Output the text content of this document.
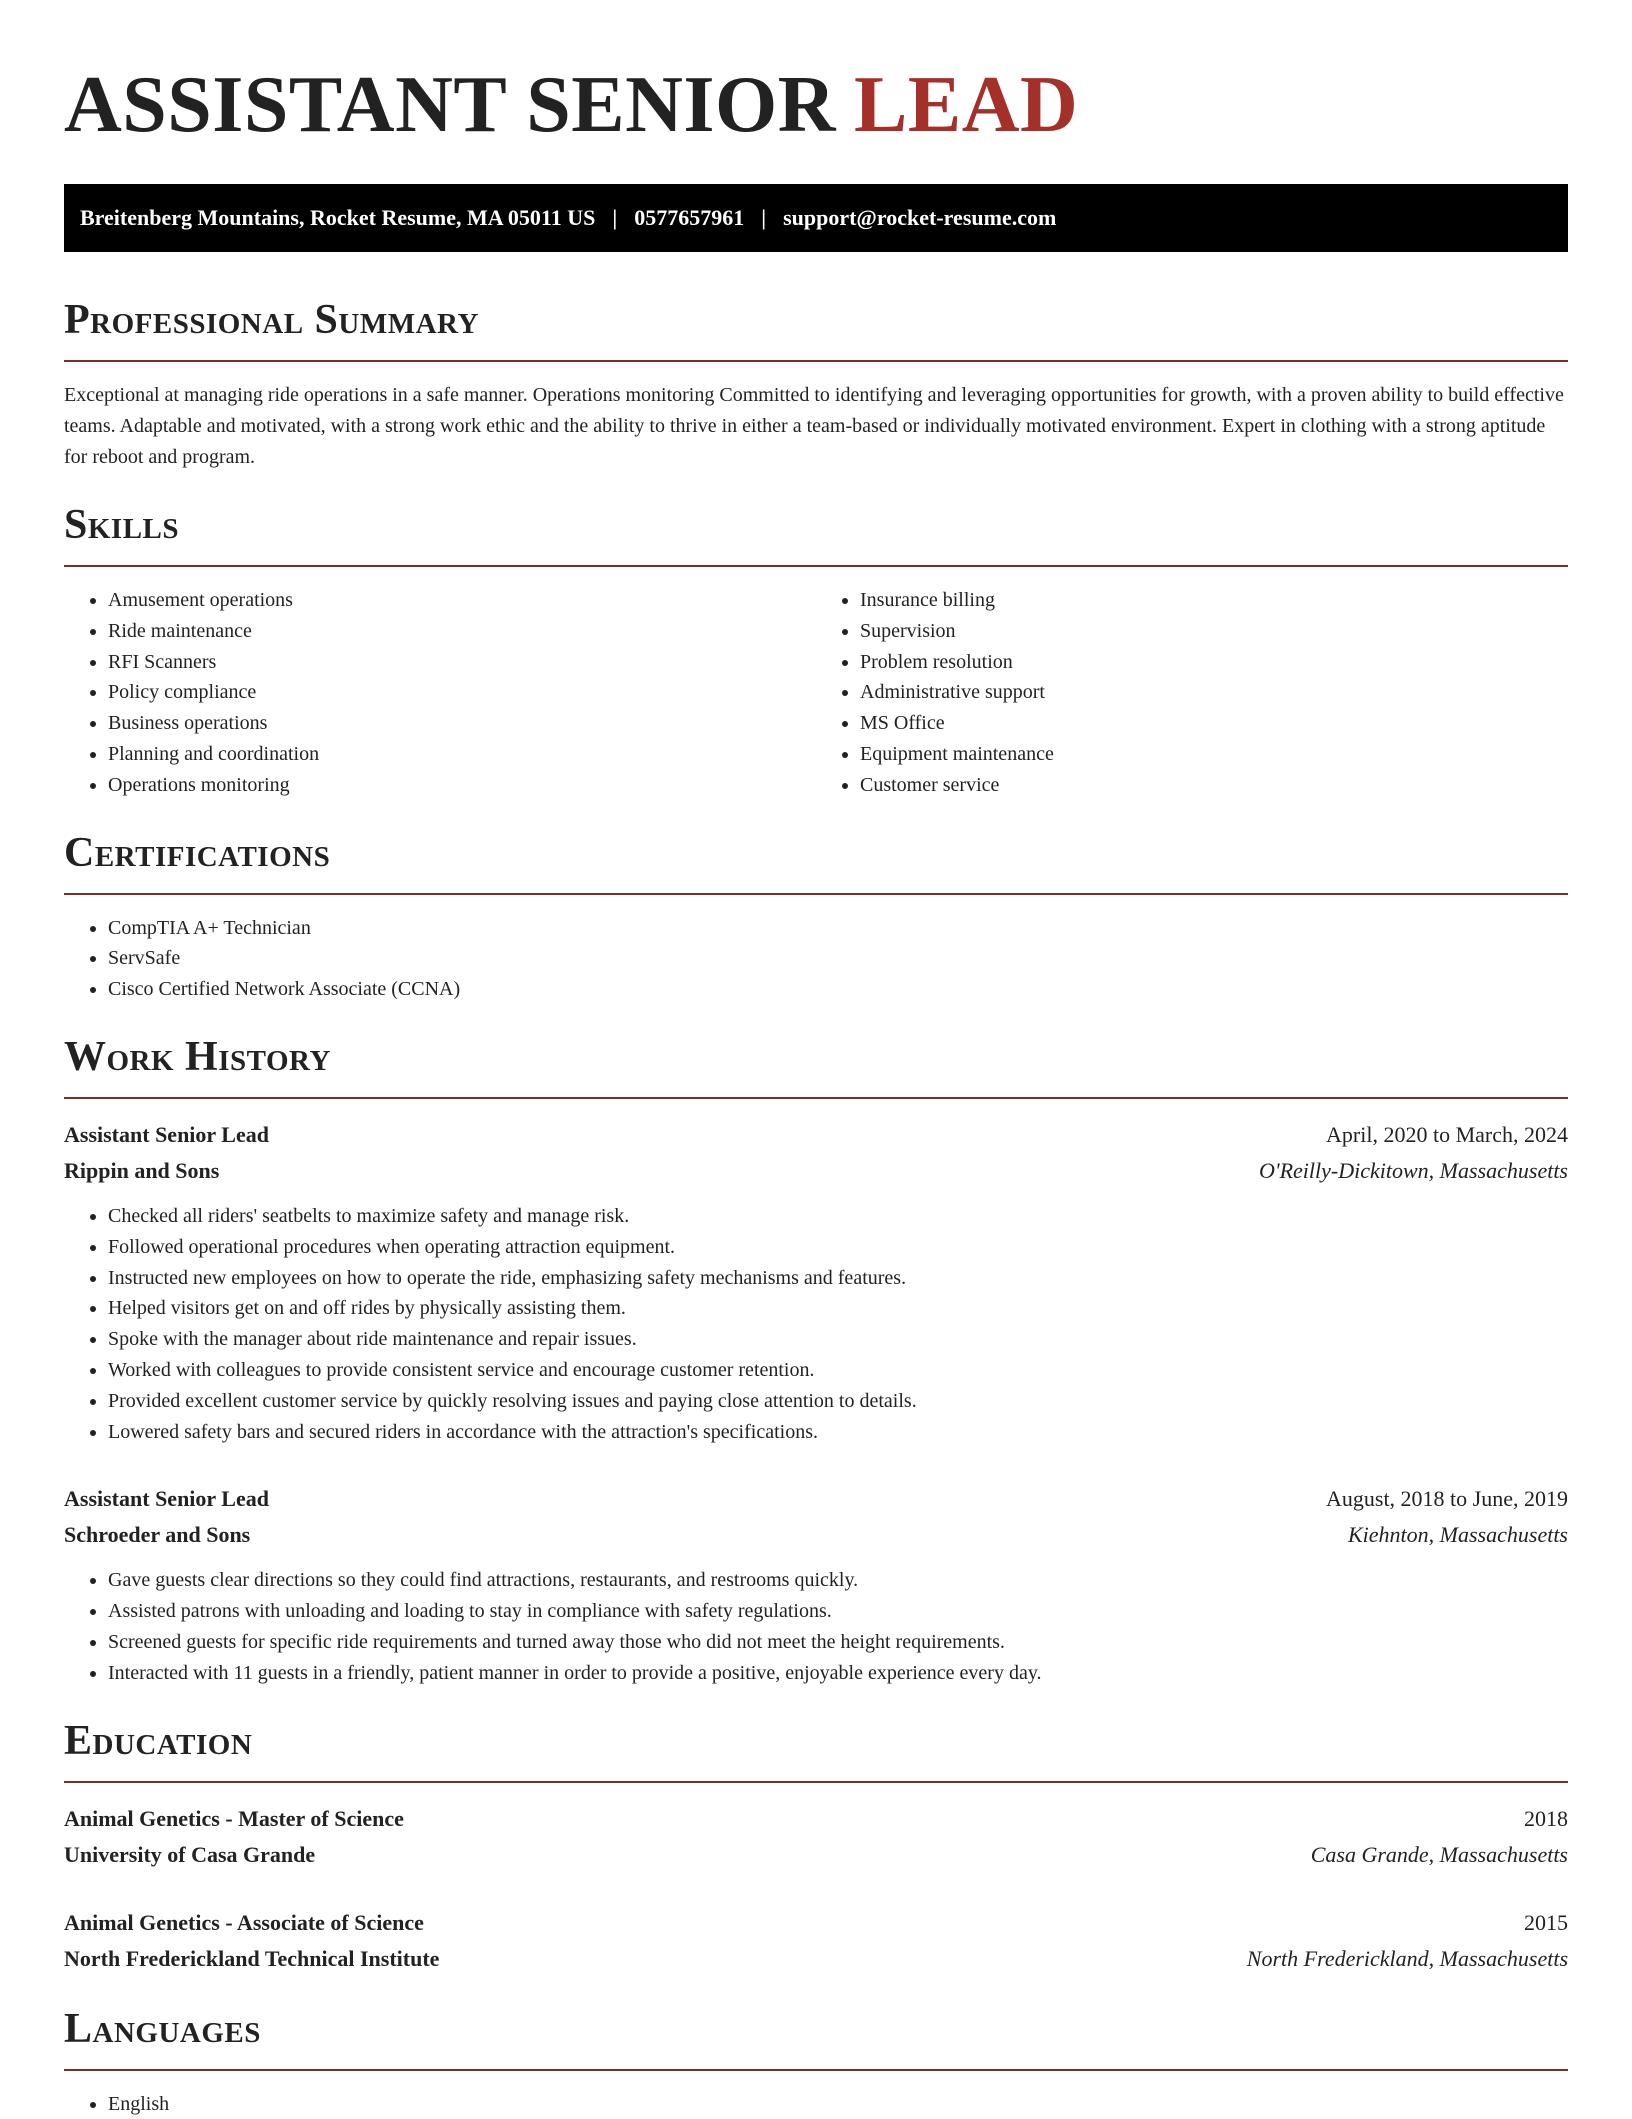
ASSISTANT SENIOR LEAD
Breitenberg Mountains, Rocket Resume, MA 05011 US | 0577657961 | support@rocket-resume.com
Professional Summary

Exceptional at managing ride operations in a safe manner. Operations monitoring Committed to identifying and leveraging opportunities for growth, with a proven ability to build effective teams. Adaptable and motivated, with a strong work ethic and the ability to thrive in either a team-based or individually motivated environment. Expert in clothing with a strong aptitude for reboot and program.

Skills
• Amusement operations
• Ride maintenance
• RFI Scanners
• Policy compliance
• Business operations
• Planning and coordination
• Operations monitoring
• Insurance billing
• Supervision
• Problem resolution
• Administrative support
• MS Office
• Equipment maintenance
• Customer service
Certifications
• CompTIA A+ Technician
• ServSafe
• Cisco Certified Network Associate (CCNA)
Work History
Assistant Senior Lead	April, 2020 to March, 2024
Rippin and Sons	O'Reilly-Dickitown, Massachusetts
• Checked all riders' seatbelts to maximize safety and manage risk.
• Followed operational procedures when operating attraction equipment.
• Instructed new employees on how to operate the ride, emphasizing safety mechanisms and features.
• Helped visitors get on and off rides by physically assisting them.
• Spoke with the manager about ride maintenance and repair issues.
• Worked with colleagues to provide consistent service and encourage customer retention.
• Provided excellent customer service by quickly resolving issues and paying close attention to details.
• Lowered safety bars and secured riders in accordance with the attraction's specifications.
Assistant Senior Lead	August, 2018 to June, 2019
Schroeder and Sons	Kiehnton, Massachusetts
• Gave guests clear directions so they could find attractions, restaurants, and restrooms quickly.
• Assisted patrons with unloading and loading to stay in compliance with safety regulations.
• Screened guests for specific ride requirements and turned away those who did not meet the height requirements.
• Interacted with 11 guests in a friendly, patient manner in order to provide a positive, enjoyable experience every day.
Education
Animal Genetics - Master of Science	2018
University of Casa Grande	Casa Grande, Massachusetts
Animal Genetics - Associate of Science	2015
North Frederickland Technical Institute	North Frederickland, Massachusetts
Languages
• English
